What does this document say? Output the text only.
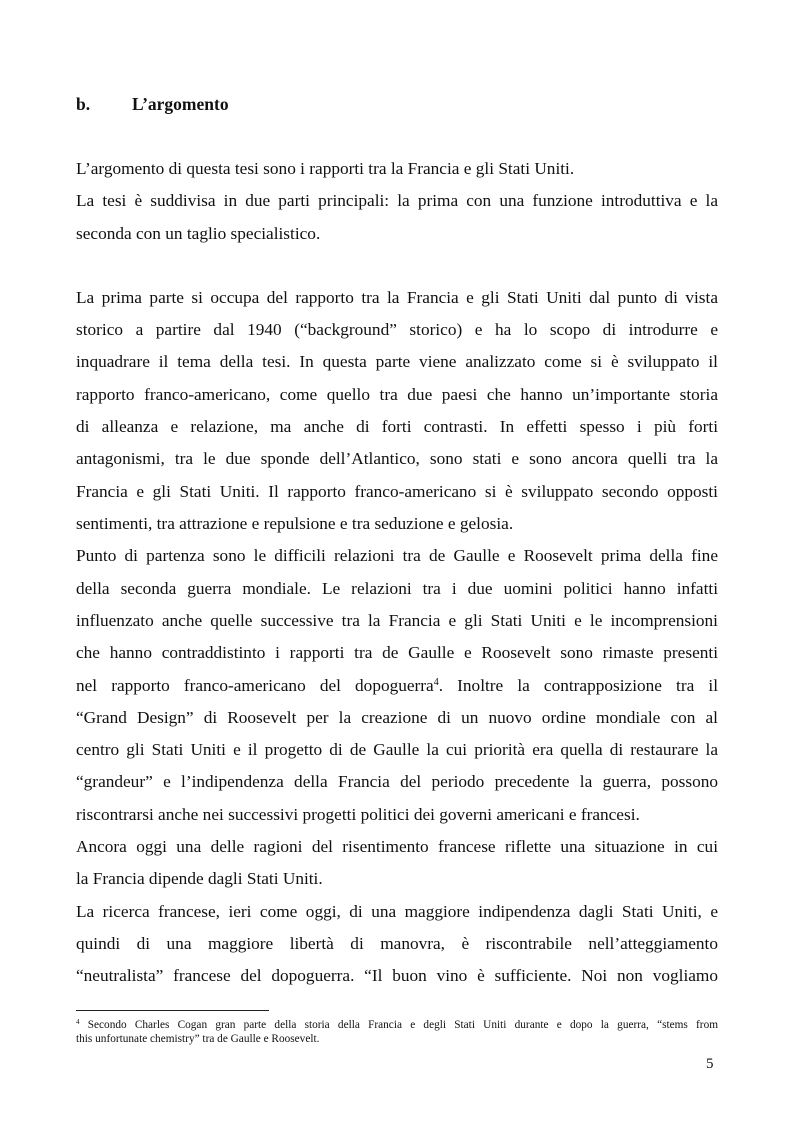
b. L’argomento
L’argomento di questa tesi sono i rapporti tra la Francia e gli Stati Uniti.
La tesi è suddivisa in due parti principali: la prima con una funzione introduttiva e la
seconda con un taglio specialistico.
La prima parte si occupa del rapporto tra la Francia e gli Stati Uniti dal punto di vista
storico a partire dal 1940 (“background” storico) e ha lo scopo di introdurre e
inquadrare il tema della tesi. In questa parte viene analizzato come si è sviluppato il
rapporto franco-americano, come quello tra due paesi che hanno un’importante storia
di alleanza e relazione, ma anche di forti contrasti. In effetti spesso i più forti
antagonismi, tra le due sponde dell’Atlantico, sono stati e sono ancora quelli tra la
Francia e gli Stati Uniti. Il rapporto franco-americano si è sviluppato secondo opposti
sentimenti, tra attrazione e repulsione e tra seduzione e gelosia.
Punto di partenza sono le difficili relazioni tra de Gaulle e Roosevelt prima della fine
della seconda guerra mondiale. Le relazioni tra i due uomini politici hanno infatti
influenzato anche quelle successive tra la Francia e gli Stati Uniti e le incomprensioni
che hanno contraddistinto i rapporti tra de Gaulle e Roosevelt sono rimaste presenti
nel rapporto franco-americano del dopoguerra$^4$. Inoltre la contrapposizione tra il
“Grand Design” di Roosevelt per la creazione di un nuovo ordine mondiale con al
centro gli Stati Uniti e il progetto di de Gaulle la cui priorità era quella di restaurare la
“grandeur” e l’indipendenza della Francia del periodo precedente la guerra, possono
riscontrarsi anche nei successivi progetti politici dei governi americani e francesi.
Ancora oggi una delle ragioni del risentimento francese riflette una situazione in cui
la Francia dipende dagli Stati Uniti.
La ricerca francese, ieri come oggi, di una maggiore indipendenza dagli Stati Uniti, e
quindi di una maggiore libertà di manovra, è riscontrabile nell’atteggiamento
“neutralista” francese del dopoguerra. “Il buon vino è sufficiente. Noi non vogliamo
$^4$ Secondo Charles Cogan gran parte della storia della Francia e degli Stati Uniti durante e dopo la guerra, “stems from
this unfortunate chemistry” tra de Gaulle e Roosevelt.
5
